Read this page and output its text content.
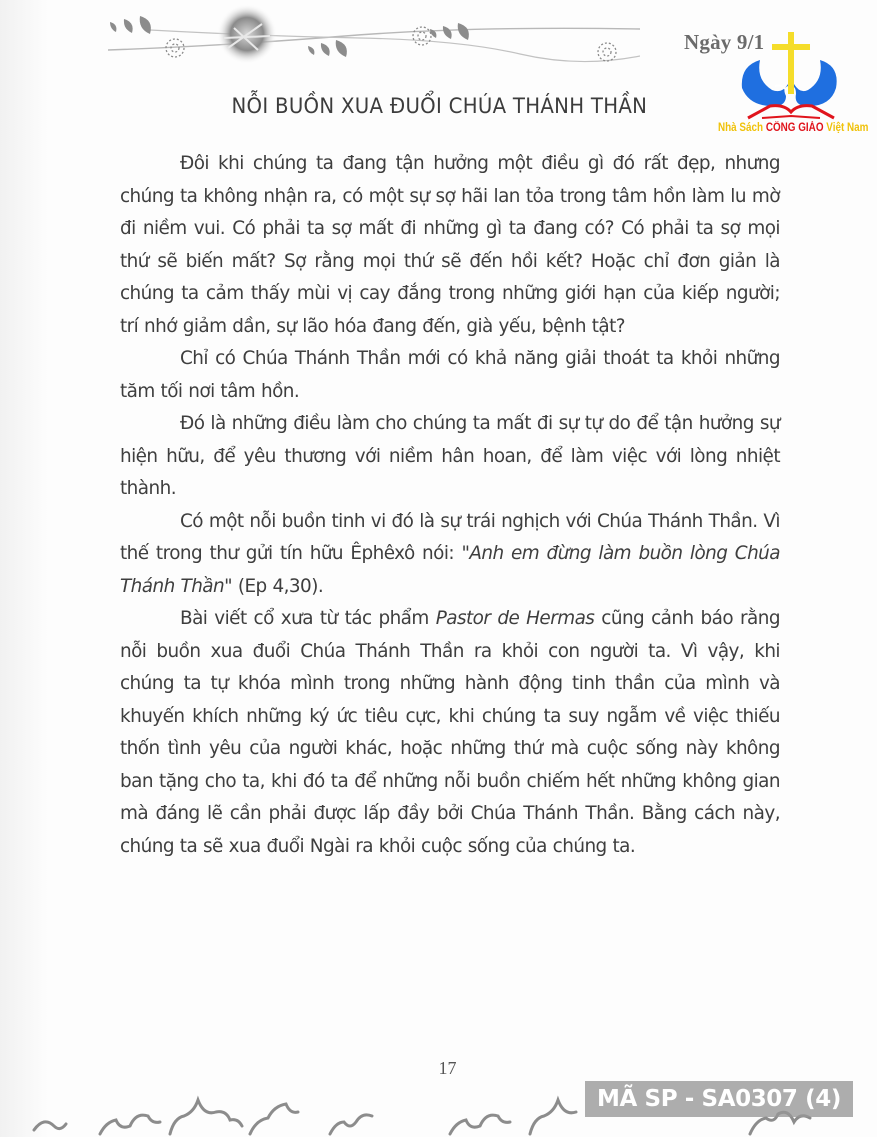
Ngày 9/1
Nhà Sách CÔNG GIÁO Việt Nam
NỖI BUỒN XUA ĐUỔI CHÚA THÁNH THẦN

Đôi khi chúng ta đang tận hưởng một điều gì đó rất đẹp, nhưng chúng ta không nhận ra, có một sự sợ hãi lan tỏa trong tâm hồn làm lu mờ đi niềm vui. Có phải ta sợ mất đi những gì ta đang có? Có phải ta sợ mọi thứ sẽ biến mất? Sợ rằng mọi thứ sẽ đến hồi kết? Hoặc chỉ đơn giản là chúng ta cảm thấy mùi vị cay đắng trong những giới hạn của kiếp người; trí nhớ giảm dần, sự lão hóa đang đến, già yếu, bệnh tật?

Chỉ có Chúa Thánh Thần mới có khả năng giải thoát ta khỏi những tăm tối nơi tâm hồn.

Đó là những điều làm cho chúng ta mất đi sự tự do để tận hưởng sự hiện hữu, để yêu thương với niềm hân hoan, để làm việc với lòng nhiệt thành.

Có một nỗi buồn tinh vi đó là sự trái nghịch với Chúa Thánh Thần. Vì thế trong thư gửi tín hữu Êphêxô nói: "Anh em đừng làm buồn lòng Chúa Thánh Thần" (Ep 4,30).

Bài viết cổ xưa từ tác phẩm Pastor de Hermas cũng cảnh báo rằng nỗi buồn xua đuổi Chúa Thánh Thần ra khỏi con người ta. Vì vậy, khi chúng ta tự khóa mình trong những hành động tinh thần của mình và khuyến khích những ký ức tiêu cực, khi chúng ta suy ngẫm về việc thiếu thốn tình yêu của người khác, hoặc những thứ mà cuộc sống này không ban tặng cho ta, khi đó ta để những nỗi buồn chiếm hết những không gian mà đáng lẽ cần phải được lấp đầy bởi Chúa Thánh Thần. Bằng cách này, chúng ta sẽ xua đuổi Ngài ra khỏi cuộc sống của chúng ta.

17
MÃ SP - SA0307 (4)
